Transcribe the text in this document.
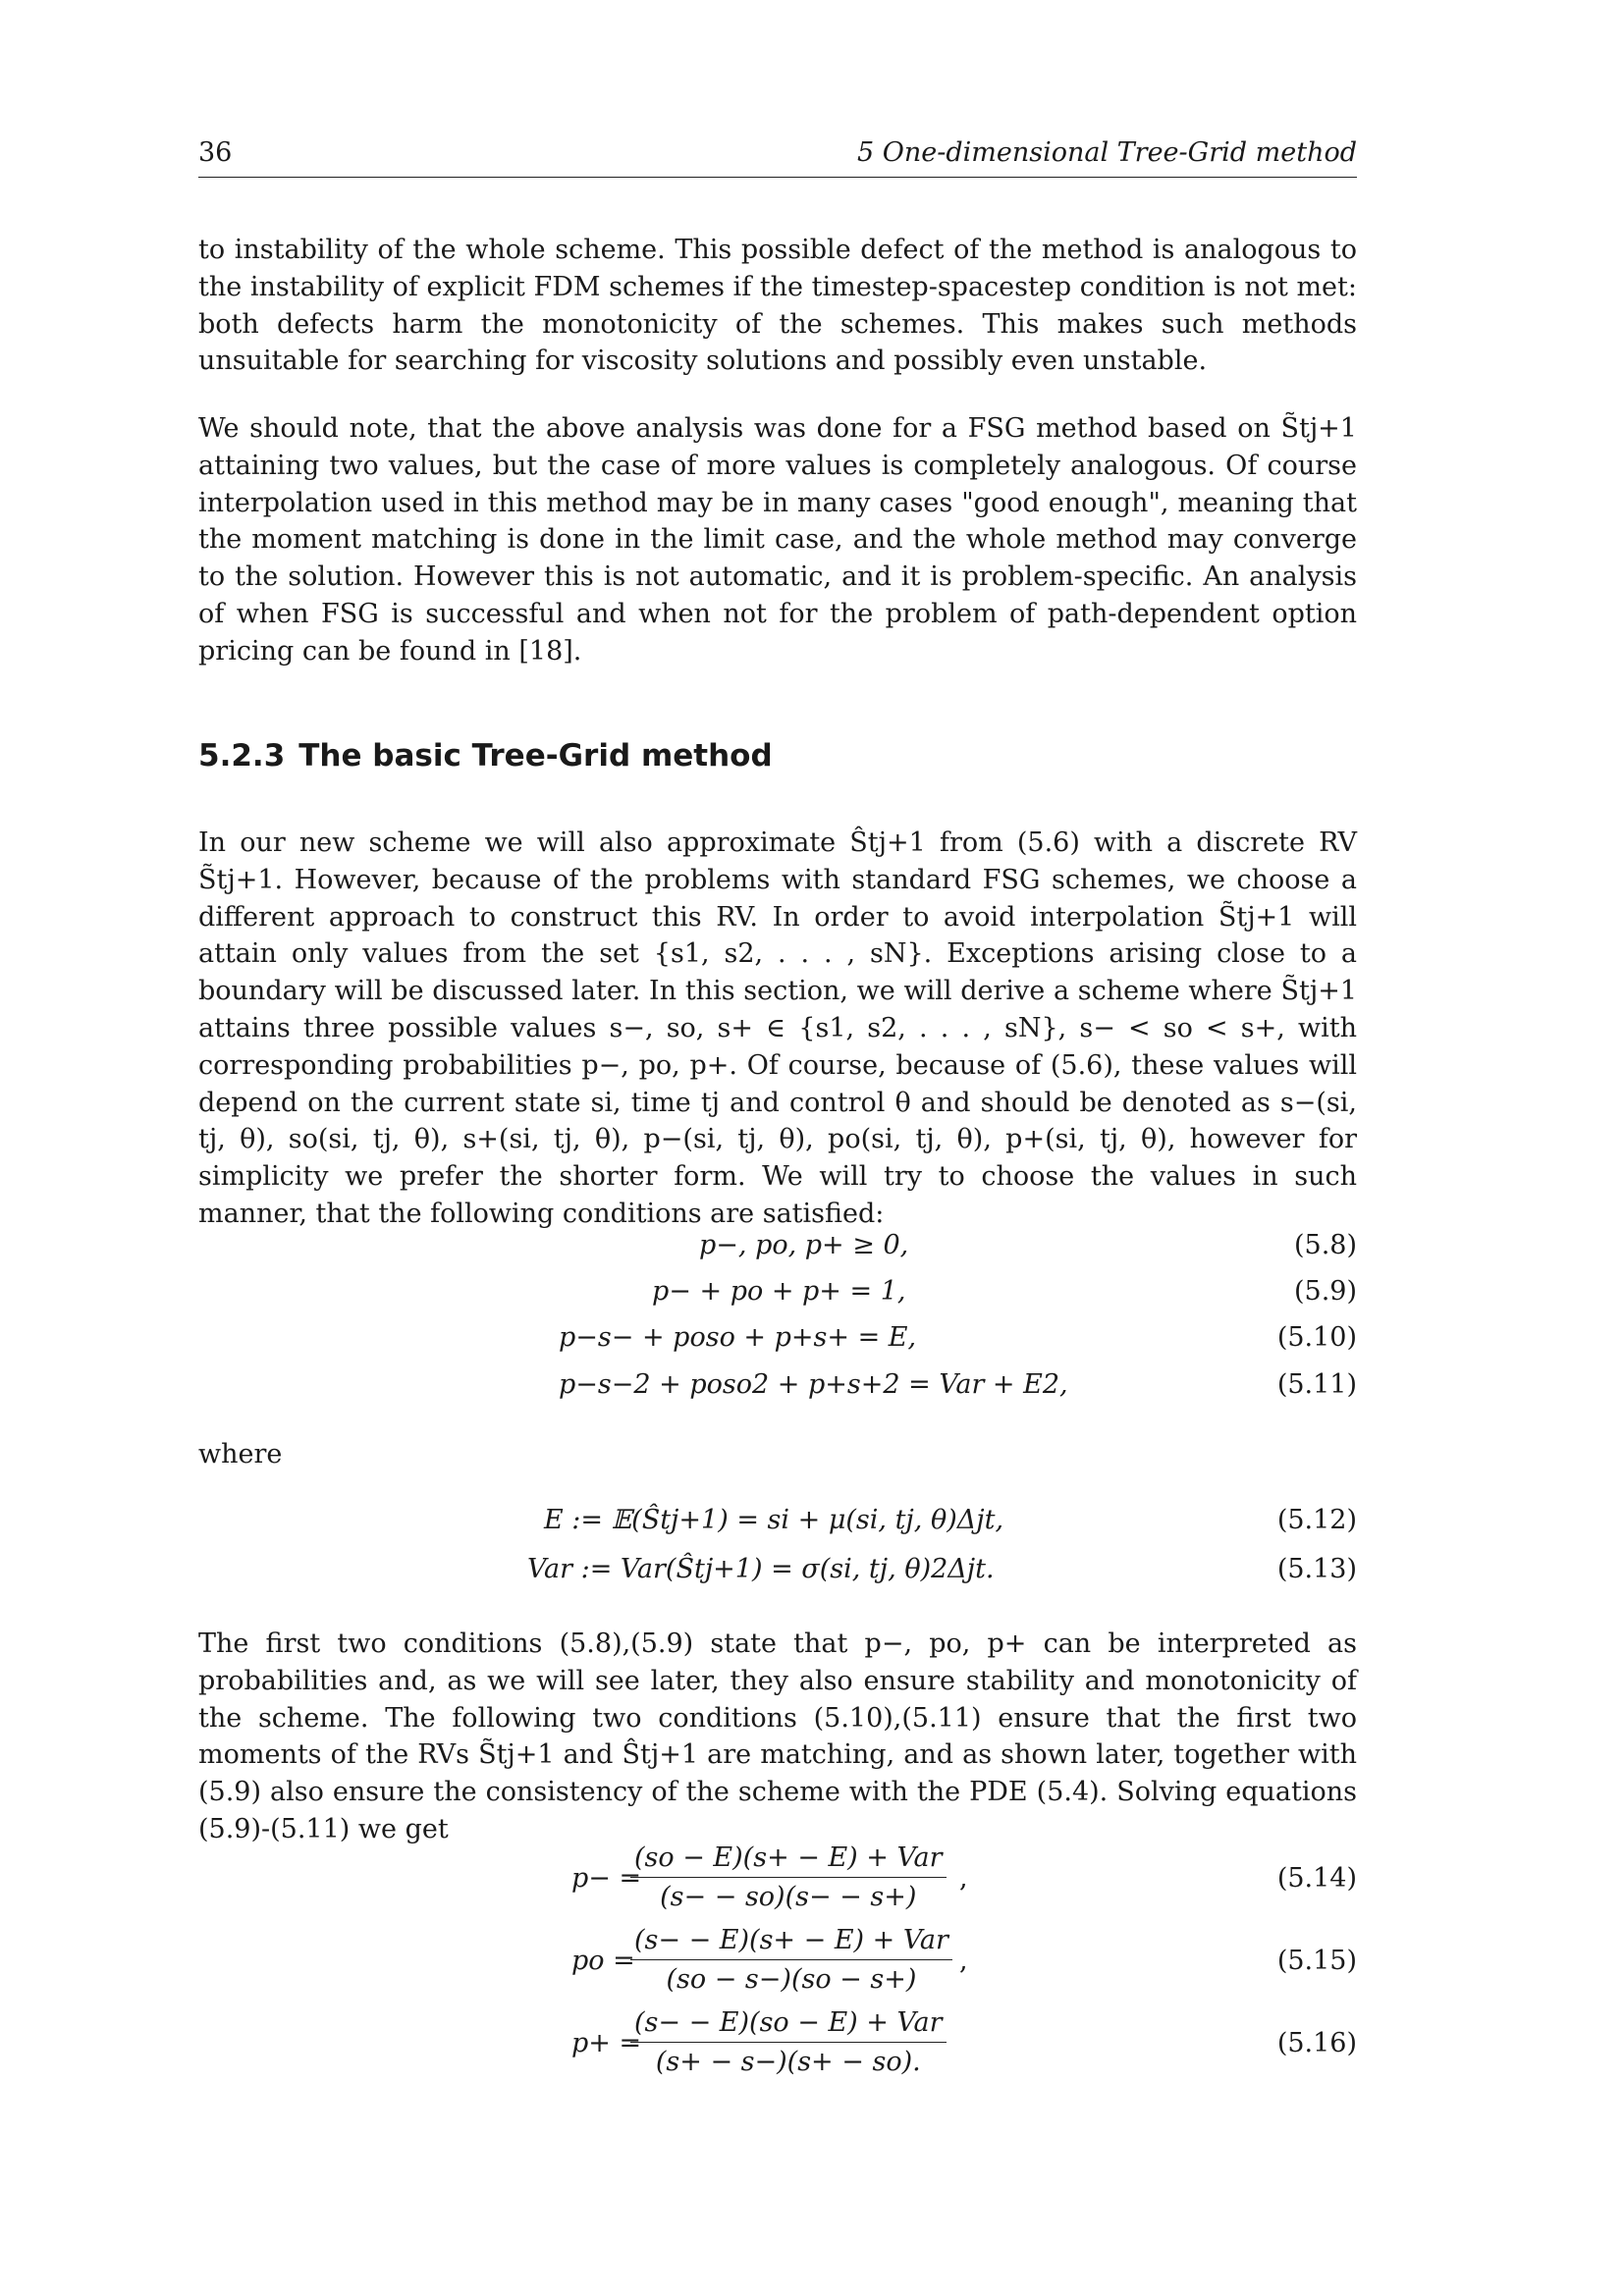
36	5 One-dimensional Tree-Grid method

to instability of the whole scheme. This possible defect of the method is analogous to the instability of explicit FDM schemes if the timestep-spacestep condition is not met: both defects harm the monotonicity of the schemes. This makes such methods unsuitable for searching for viscosity solutions and possibly even unstable.

We should note, that the above analysis was done for a FSG method based on S̃tj+1 attaining two values, but the case of more values is completely analogous. Of course interpolation used in this method may be in many cases "good enough", meaning that the moment matching is done in the limit case, and the whole method may converge to the solution. However this is not automatic, and it is problem-specific. An analysis of when FSG is successful and when not for the problem of path-dependent option pricing can be found in [18].

5.2.3 The basic Tree-Grid method

In our new scheme we will also approximate Ŝtj+1 from (5.6) with a discrete RV S̃tj+1. However, because of the problems with standard FSG schemes, we choose a different approach to construct this RV. In order to avoid interpolation S̃tj+1 will attain only values from the set {s1, s2, . . . , sN}. Exceptions arising close to a boundary will be discussed later. In this section, we will derive a scheme where S̃tj+1 attains three possible values s−, so, s+ ∈ {s1, s2, . . . , sN}, s− < so < s+, with corresponding probabilities p−, po, p+. Of course, because of (5.6), these values will depend on the current state si, time tj and control θ and should be denoted as s−(si, tj, θ), so(si, tj, θ), s+(si, tj, θ), p−(si, tj, θ), po(si, tj, θ), p+(si, tj, θ), however for simplicity we prefer the shorter form. We will try to choose the values in such manner, that the following conditions are satisfied:

p−, po, p+ ≥ 0,	(5.8)
p− + po + p+ = 1,	(5.9)
p−s− + poso + p+s+ = E,	(5.10)
p−s−2 + poso2 + p+s+2 = Var + E2,	(5.11)
where
E := 𝔼(Ŝtj+1) = si + μ(si, tj, θ)Δjt,	(5.12)
Var := Var(Ŝtj+1) = σ(si, tj, θ)2Δjt.	(5.13)

The first two conditions (5.8),(5.9) state that p−, po, p+ can be interpreted as probabilities and, as we will see later, they also ensure stability and monotonicity of the scheme. The following two conditions (5.10),(5.11) ensure that the first two moments of the RVs S̃tj+1 and Ŝtj+1 are matching, and as shown later, together with (5.9) also ensure the consistency of the scheme with the PDE (5.4). Solving equations (5.9)-(5.11) we get

p− =
(so − E)(s+ − E) + Var
(s− − so)(s− − s+)
,	(5.14)
po =
(s− − E)(s+ − E) + Var
(so − s−)(so − s+)
,	(5.15)
p+ =
(s− − E)(so − E) + Var
(s+ − s−)(s+ − so).
(5.16)
